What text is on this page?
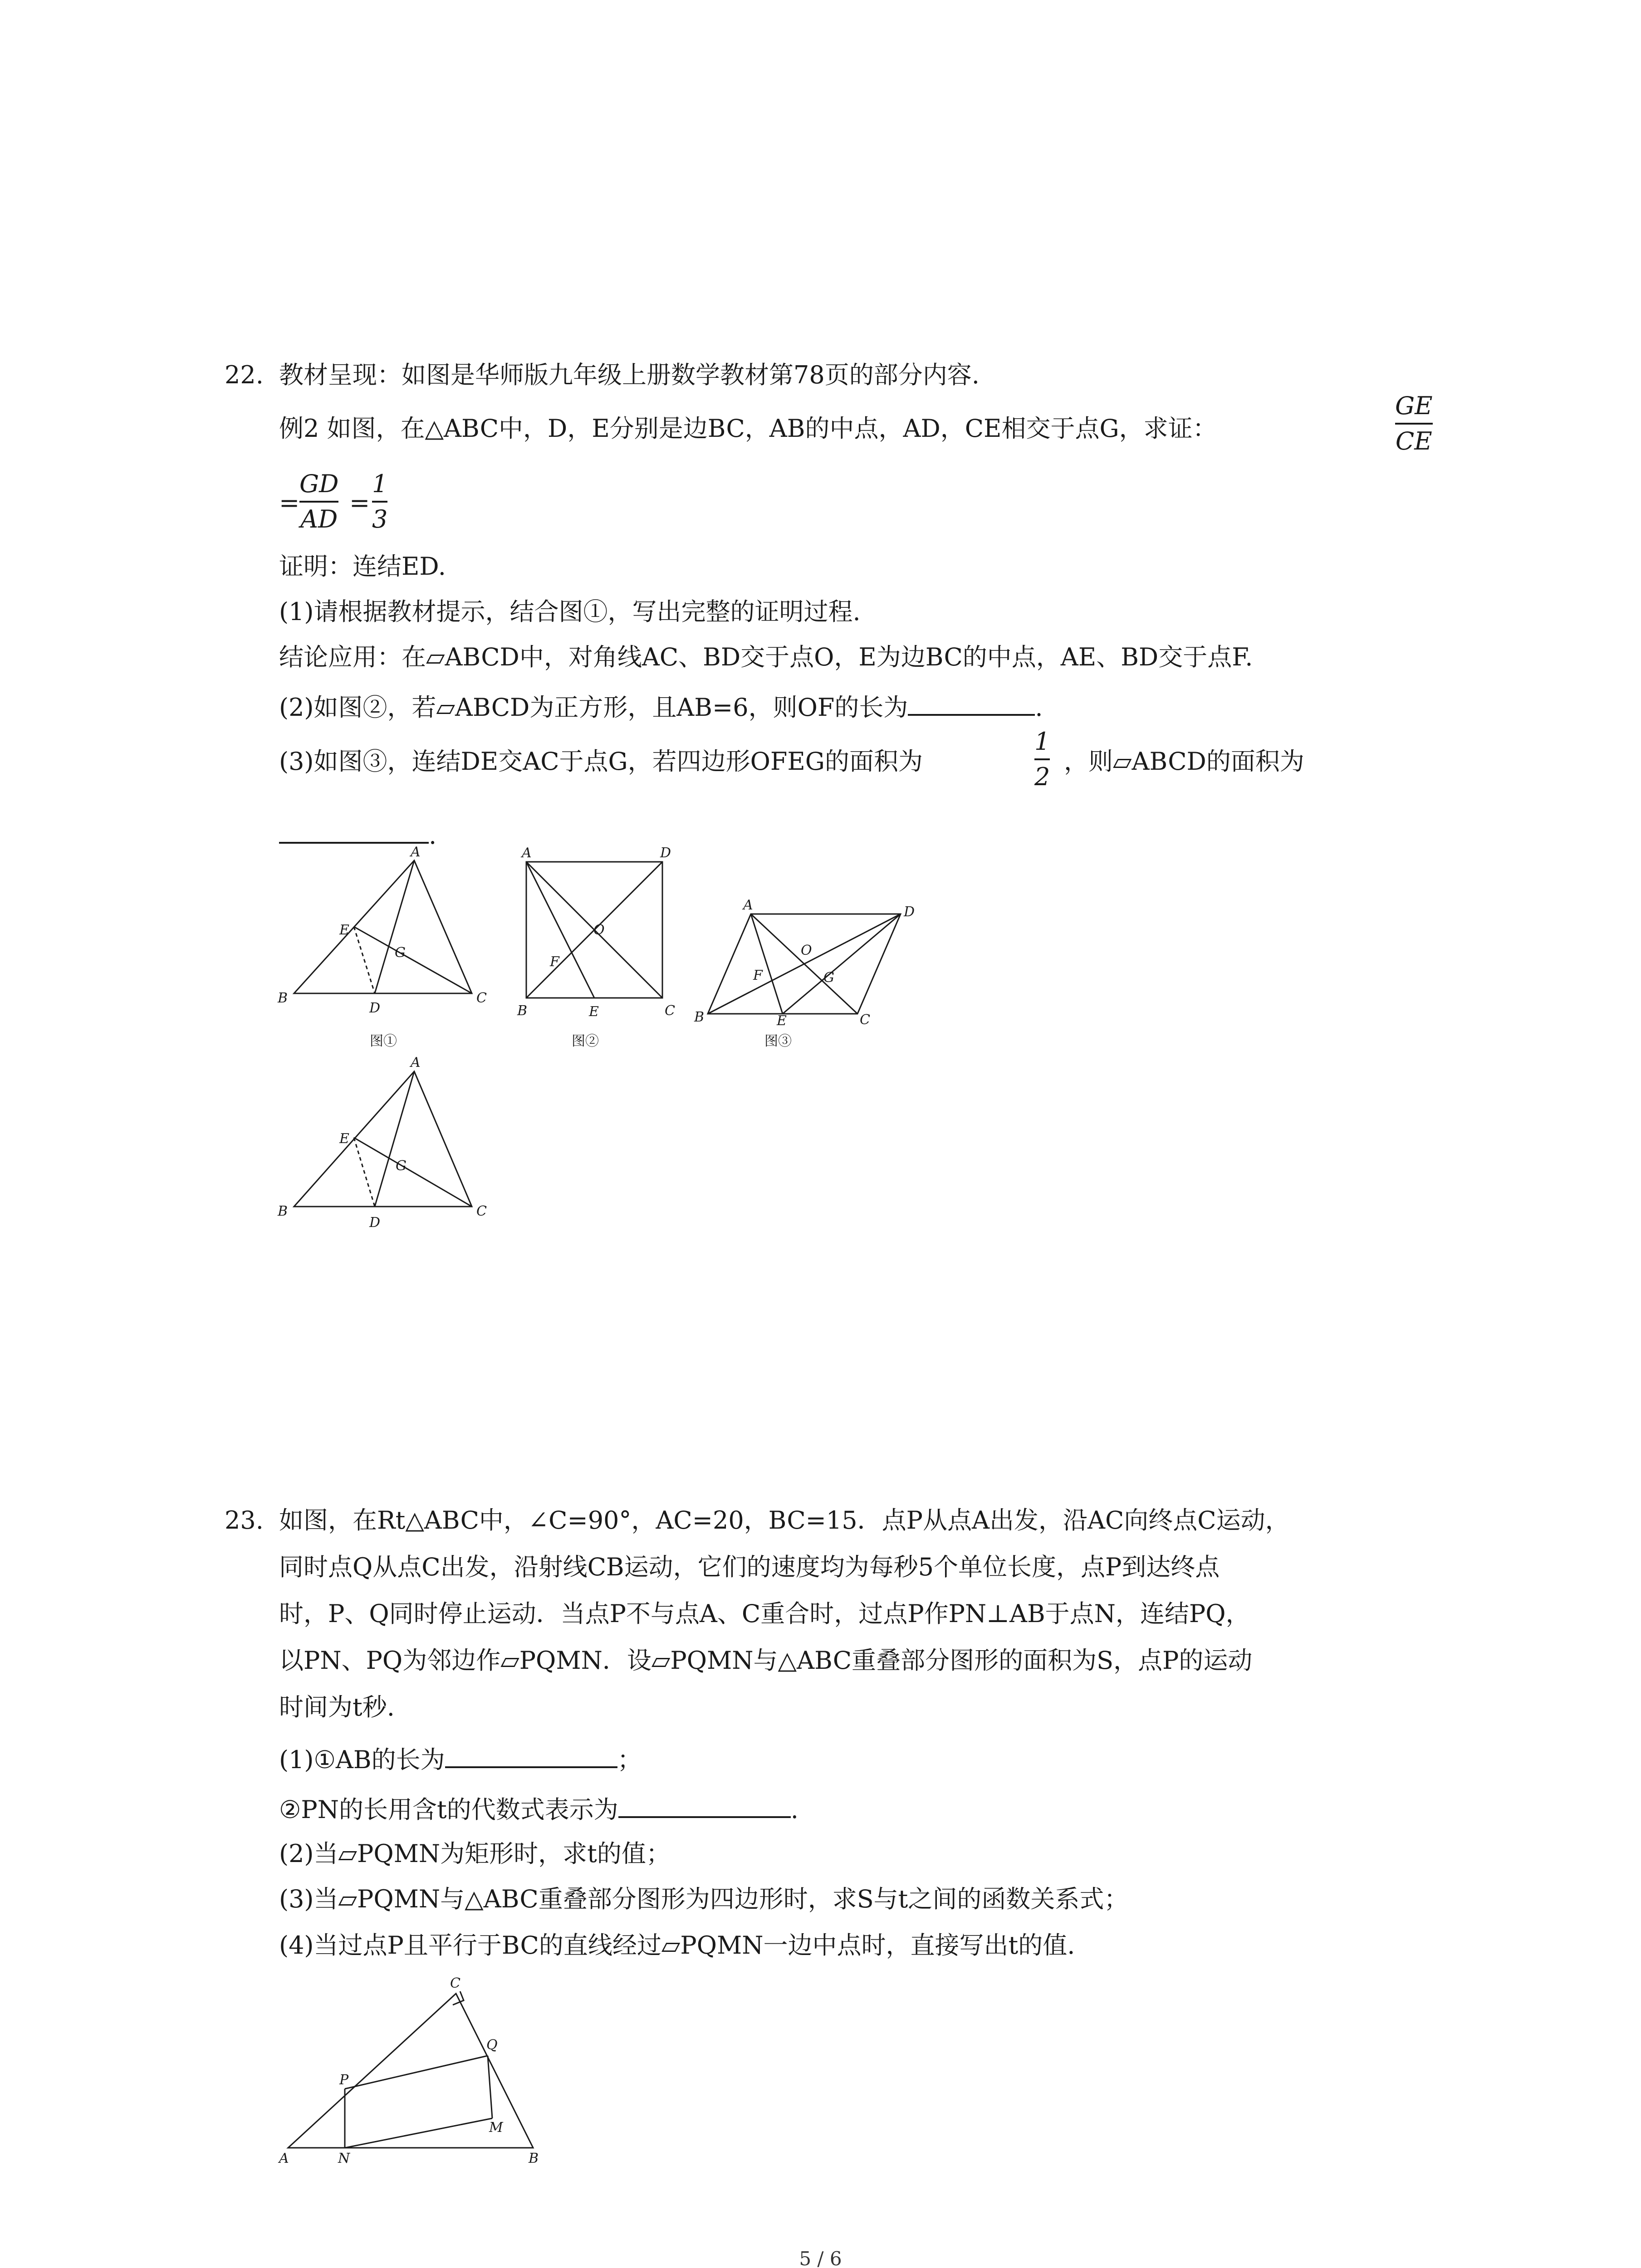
22. 教材呈现：如图是华师版九年级上册数学教材第78页的部分内容.
例2 如图，在△ABC中，D，E分别是边BC，AB的中点，AD，CE相交于点G，求证：
GE
CE
=
GD
AD
=
1
3
证明：连结ED.
(1)请根据教材提示，结合图①，写出完整的证明过程.
结论应用：在▱ABCD中，对角线AC、BD交于点O，E为边BC的中点，AE、BD交于点F.
(2)如图②，若▱ABCD为正方形，且AB=6，则OF的长为	.
(3)如图③，连结DE交AC于点G，若四边形OFEG的面积为
1
2
，则▱ABCD的面积为
.
A
B	C
D
E
G
图①
A	D
B	C
E
O
F
图②
A	D
B	C
E
O
F	G
图③
A
B	C
D
E
G
23. 如图，在Rt△ABC中，∠C=90°，AC=20，BC=15．点P从点A出发，沿AC向终点C运动，
同时点Q从点C出发，沿射线CB运动，它们的速度均为每秒5个单位长度，点P到达终点
时，P、Q同时停止运动．当点P不与点A、C重合时，过点P作PN⊥AB于点N，连结PQ，
以PN、PQ为邻边作▱PQMN．设▱PQMN与△ABC重叠部分图形的面积为S，点P的运动
时间为t秒.
(1)①AB的长为	；
②PN的长用含t的代数式表示为	.
(2)当▱PQMN为矩形时，求t的值；
(3)当▱PQMN与△ABC重叠部分图形为四边形时，求S与t之间的函数关系式；
(4)当过点P且平行于BC的直线经过▱PQMN一边中点时，直接写出t的值.
A	B
C
N
P
Q
M
5 / 6
